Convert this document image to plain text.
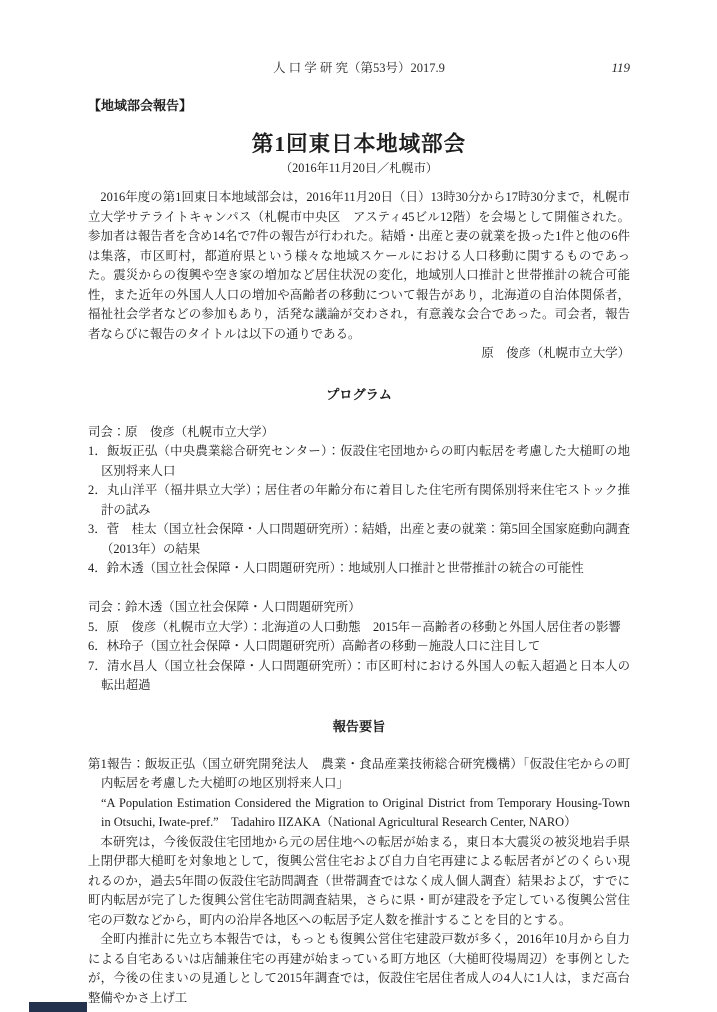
人 口 学 研 究（第53号）2017.9	119
【地域部会報告】
第1回東日本地域部会
（2016年11月20日／札幌市）

2016年度の第1回東日本地域部会は，2016年11月20日（日）13時30分から17時30分まで，札幌市立大学サテライトキャンパス（札幌市中央区　アスティ45ビル12階）を会場として開催された。参加者は報告者を含め14名で7件の報告が行われた。結婚・出産と妻の就業を扱った1件と他の6件は集落，市区町村，都道府県という様々な地域スケールにおける人口移動に関するものであった。震災からの復興や空き家の増加など居住状況の変化，地域別人口推計と世帯推計の統合可能性，また近年の外国人人口の増加や高齢者の移動について報告があり，北海道の自治体関係者，福祉社会学者などの参加もあり，活発な議論が交わされ，有意義な会合であった。司会者，報告者ならびに報告のタイトルは以下の通りである。

原　俊彦（札幌市立大学）

プログラム

司会：原　俊彦（札幌市立大学）

1．飯坂正弘（中央農業総合研究センター）：仮設住宅団地からの町内転居を考慮した大槌町の地区別将来人口

2．丸山洋平（福井県立大学）；居住者の年齢分布に着目した住宅所有関係別将来住宅ストック推計の試み

3．菅　桂太（国立社会保障・人口問題研究所）：結婚，出産と妻の就業：第5回全国家庭動向調査（2013年）の結果

4．鈴木透（国立社会保障・人口問題研究所）：地域別人口推計と世帯推計の統合の可能性

司会：鈴木透（国立社会保障・人口問題研究所）

5．原　俊彦（札幌市立大学）：北海道の人口動態　2015年－高齢者の移動と外国人居住者の影響

6．林玲子（国立社会保障・人口問題研究所）高齢者の移動－施設人口に注目して

7．清水昌人（国立社会保障・人口問題研究所）：市区町村における外国人の転入超過と日本人の転出超過

報告要旨

第1報告：飯坂正弘（国立研究開発法人　農業・食品産業技術総合研究機構）「仮設住宅からの町内転居を考慮した大槌町の地区別将来人口」

“A Population Estimation Considered the Migration to Original District from Temporary Housing-Town in Otsuchi, Iwate-pref.”　Tadahiro IIZAKA（National Agricultural Research Center, NARO）

本研究は，今後仮設住宅団地から元の居住地への転居が始まる，東日本大震災の被災地岩手県上閉伊郡大槌町を対象地として，復興公営住宅および自力自宅再建による転居者がどのくらい現れるのか，過去5年間の仮設住宅訪問調査（世帯調査ではなく成人個人調査）結果および，すでに町内転居が完了した復興公営住宅訪問調査結果，さらに県・町が建設を予定している復興公営住宅の戸数などから，町内の沿岸各地区への転居予定人数を推計することを目的とする。

全町内推計に先立ち本報告では，もっとも復興公営住宅建設戸数が多く，2016年10月から自力による自宅あるいは店舗兼住宅の再建が始まっている町方地区（大槌町役場周辺）を事例としたが，今後の住まいの見通しとして2015年調査では，仮設住宅居住者成人の4人に1人は，まだ高台整備やかさ上げ工
